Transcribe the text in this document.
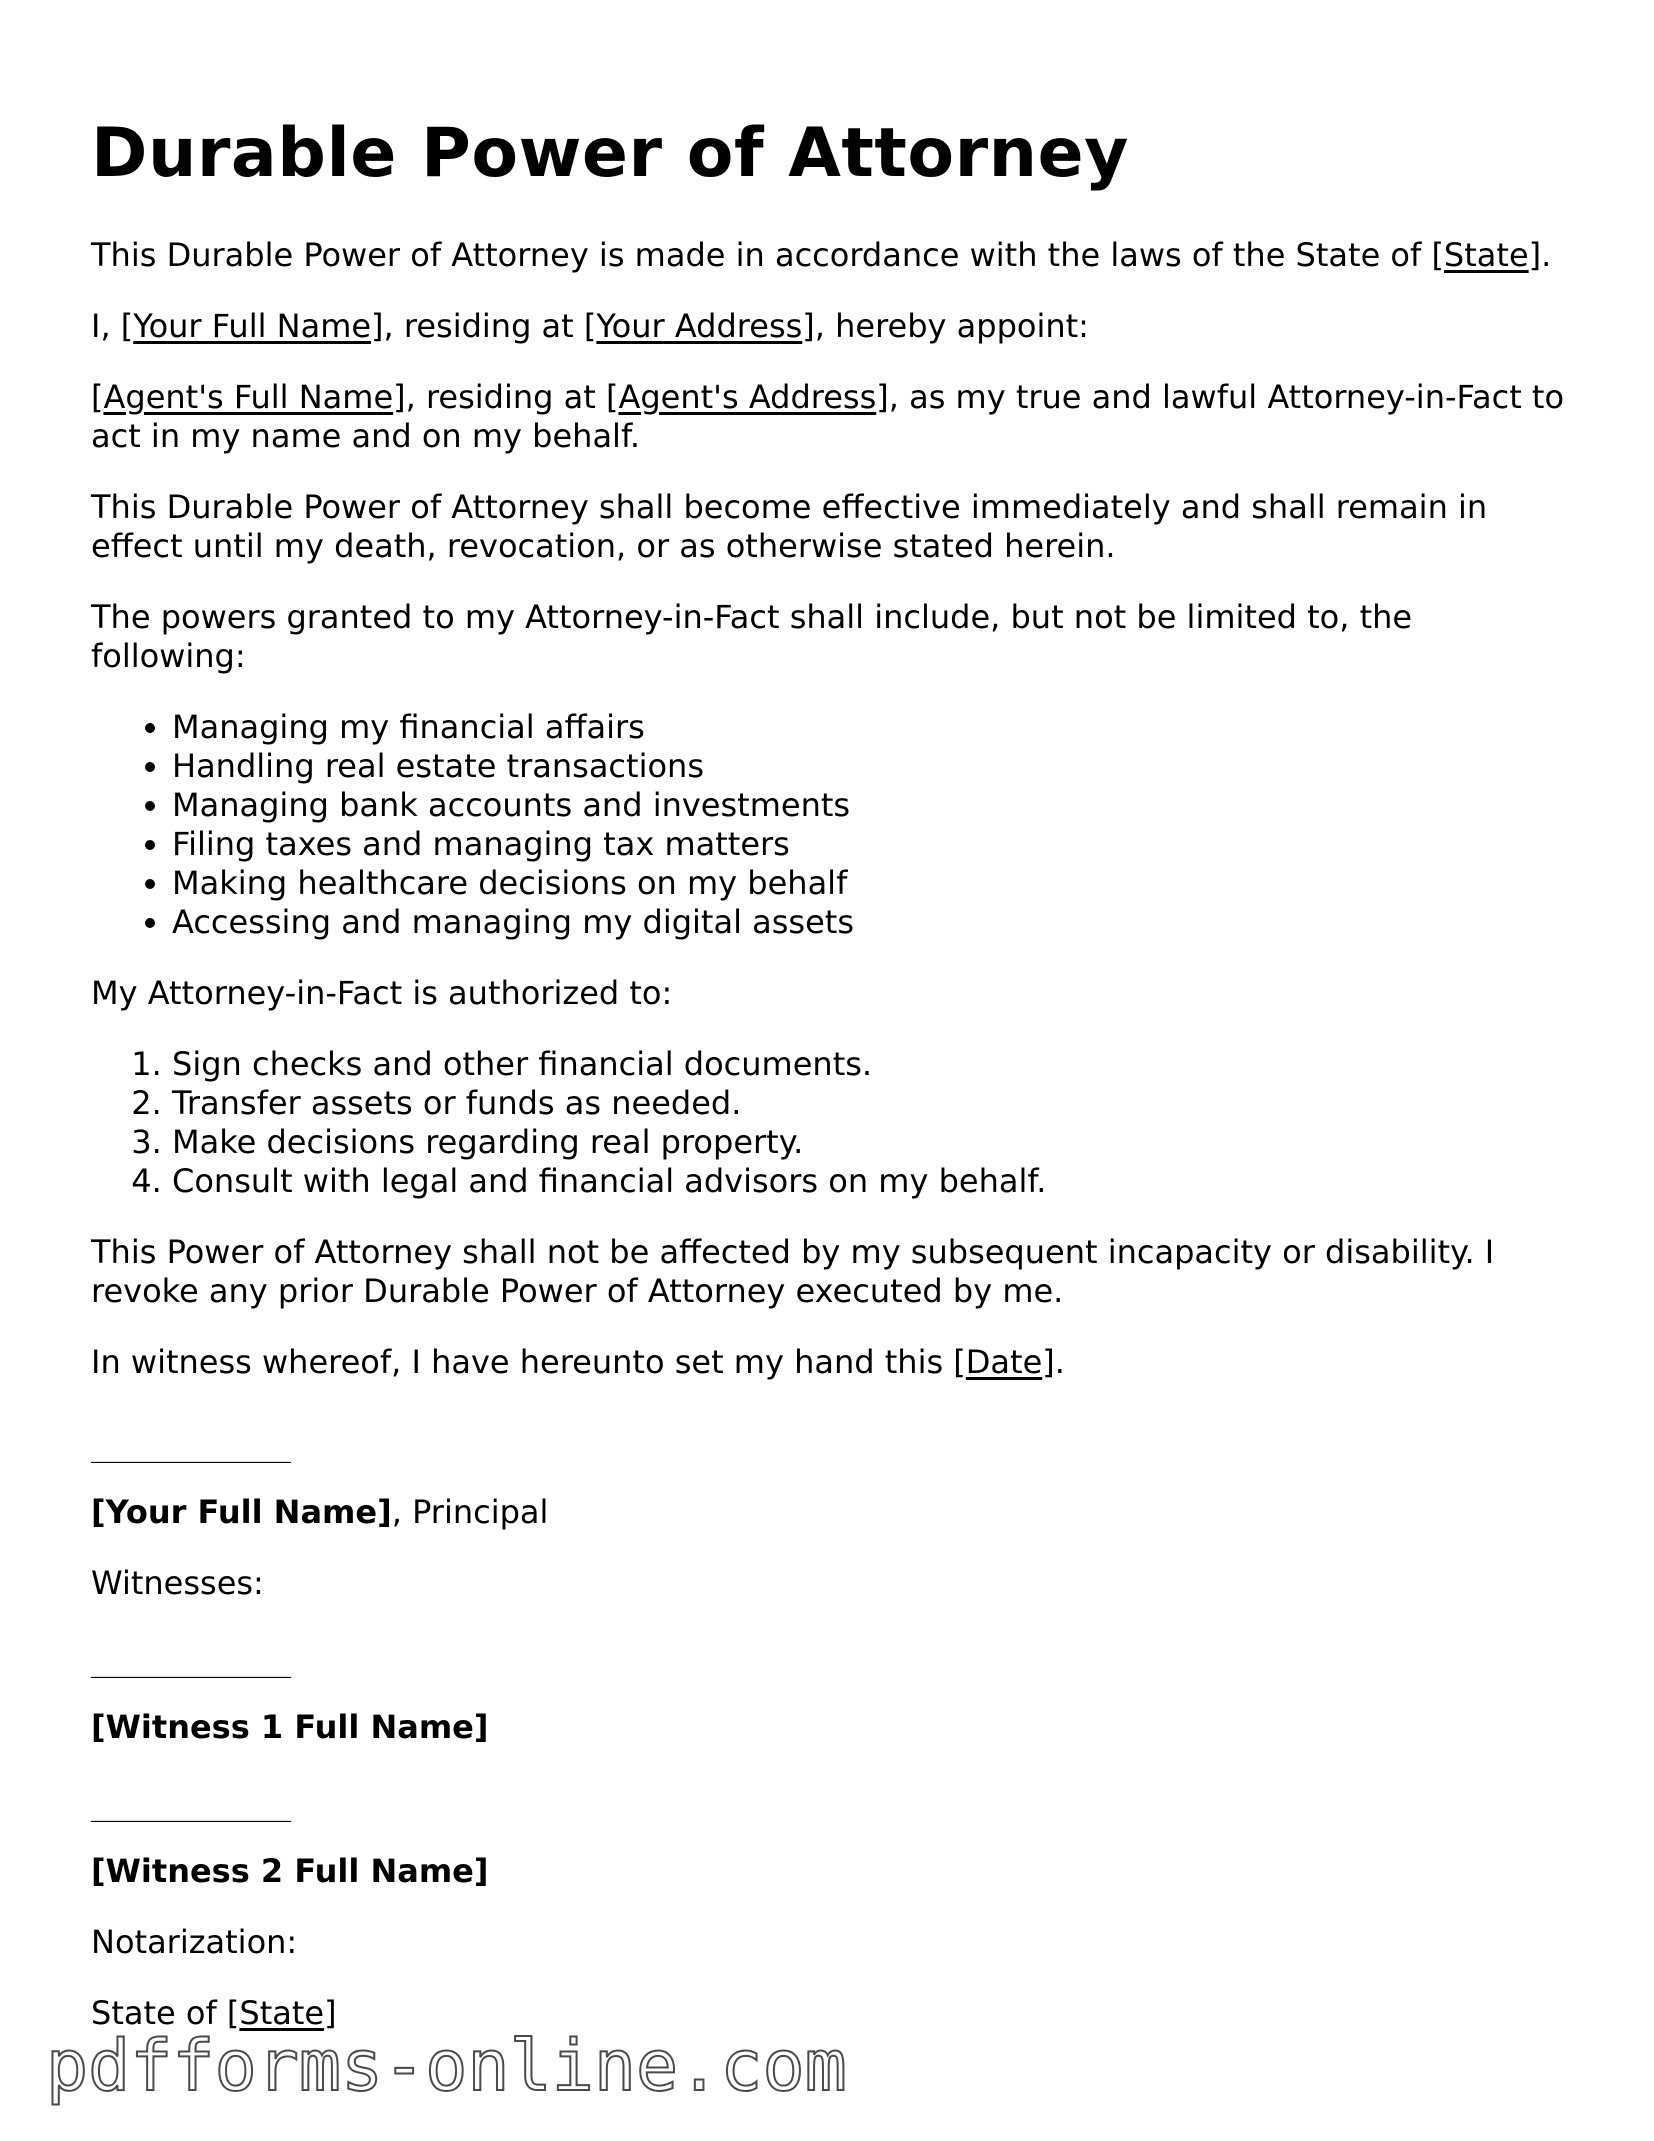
Durable Power of Attorney

This Durable Power of Attorney is made in accordance with the laws of the State of [State].

I, [Your Full Name], residing at [Your Address], hereby appoint:

[Agent's Full Name], residing at [Agent's Address], as my true and lawful Attorney-in-Fact to act in my name and on my behalf.

This Durable Power of Attorney shall become effective immediately and shall remain in effect until my death, revocation, or as otherwise stated herein.

The powers granted to my Attorney-in-Fact shall include, but not be limited to, the following:

• Managing my financial affairs
• Handling real estate transactions
• Managing bank accounts and investments
• Filing taxes and managing tax matters
• Making healthcare decisions on my behalf
• Accessing and managing my digital assets

My Attorney-in-Fact is authorized to:

1. Sign checks and other financial documents.
2. Transfer assets or funds as needed.
3. Make decisions regarding real property.
4. Consult with legal and financial advisors on my behalf.

This Power of Attorney shall not be affected by my subsequent incapacity or disability. I revoke any prior Durable Power of Attorney executed by me.

In witness whereof, I have hereunto set my hand this [Date].

_________________________

[Your Full Name], Principal

Witnesses:

_________________________

[Witness 1 Full Name]

_________________________

[Witness 2 Full Name]

Notarization:

State of [State]

pdfforms-online.com
